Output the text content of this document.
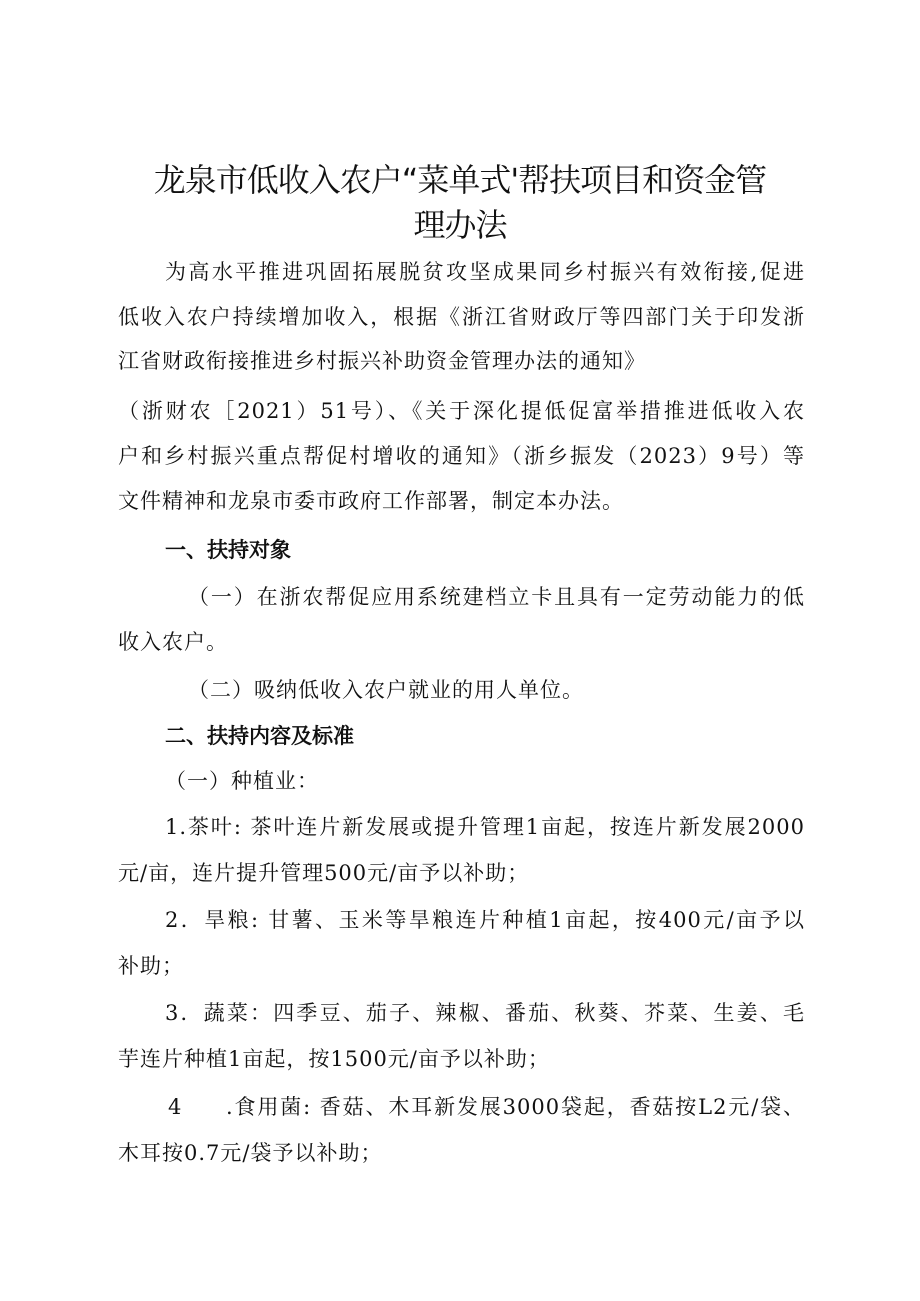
龙泉市低收入农户“菜单式'帮扶项目和资金管
理办法

为高水平推进巩固拓展脱贫攻坚成果同乡村振兴有效衔接,促进

低收入农户持续增加收入，根据《浙江省财政厅等四部门关于印发浙

江省财政衔接推进乡村振兴补助资金管理办法的通知》

（浙财农［2021）51号）、《关于深化提低促富举措推进低收入农

户和乡村振兴重点帮促村增收的通知》（浙乡振发（2023）9号）等

文件精神和龙泉市委市政府工作部署，制定本办法。

一、扶持对象

（一）在浙农帮促应用系统建档立卡且具有一定劳动能力的低

收入农户。

（二）吸纳低收入农户就业的用人单位。

二、扶持内容及标准

（一）种植业：

1.茶叶: 茶叶连片新发展或提升管理1亩起，按连片新发展2000

元/亩，连片提升管理500元/亩予以补助；

2．旱粮: 甘薯、玉米等旱粮连片种植1亩起，按400元/亩予以

补助；

3．蔬菜：四季豆、茄子、辣椒、番茄、秋葵、芥菜、生姜、毛

芋连片种植1亩起，按1500元/亩予以补助；

4 .食用菌: 香菇、木耳新发展3000袋起，香菇按L2元/袋、

木耳按0.7元/袋予以补助；
